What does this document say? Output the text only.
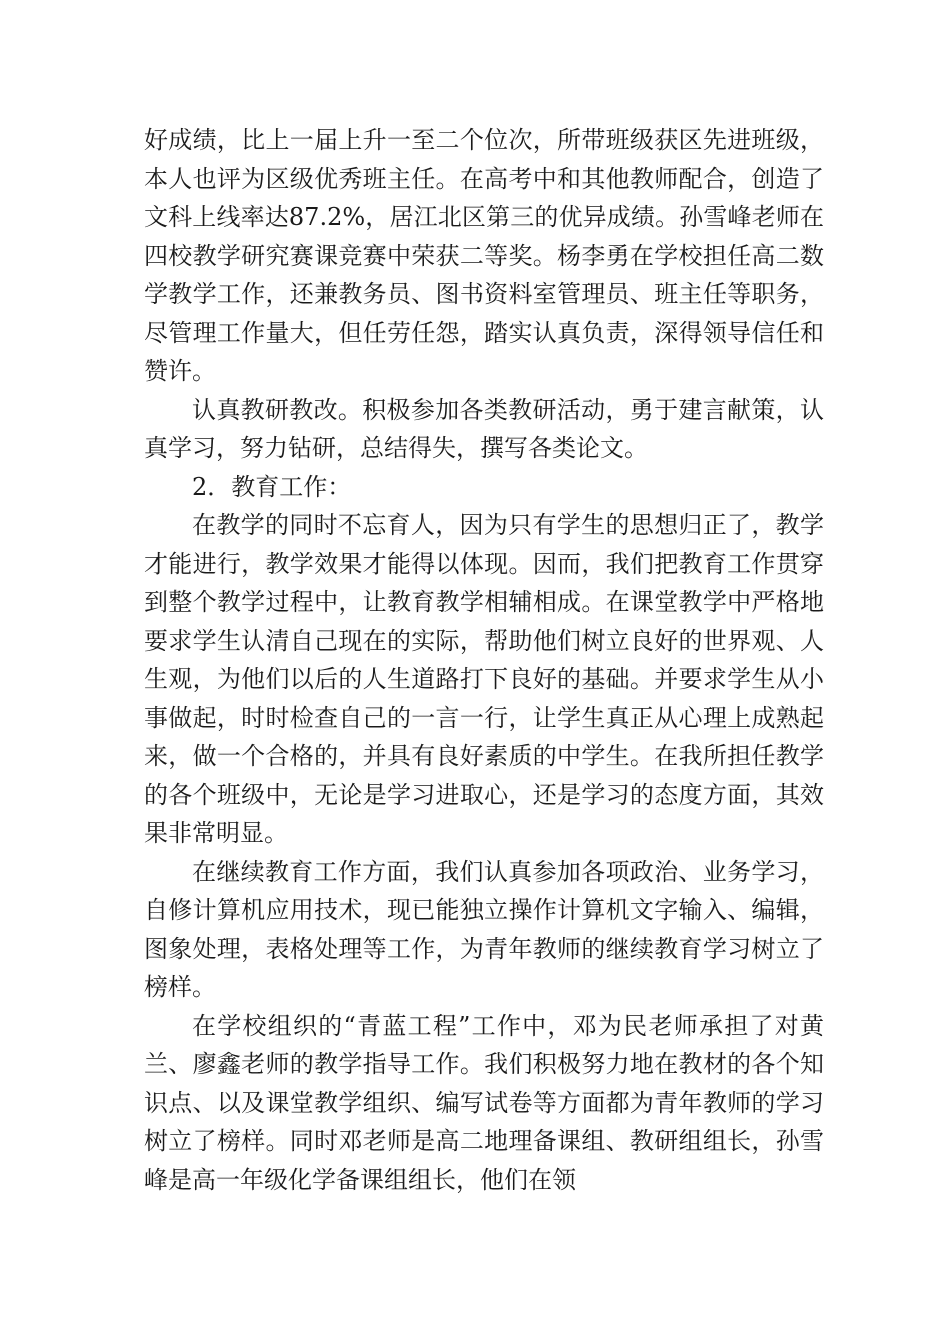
好成绩，比上一届上升一至二个位次，所带班级获区先进班级，本人也评为区级优秀班主任。在高考中和其他教师配合，创造了文科上线率达87.2%，居江北区第三的优异成绩。孙雪峰老师在四校教学研究赛课竞赛中荣获二等奖。杨李勇在学校担任高二数学教学工作，还兼教务员、图书资料室管理员、班主任等职务，尽管理工作量大，但任劳任怨，踏实认真负责，深得领导信任和赞许。

认真教研教改。积极参加各类教研活动，勇于建言献策，认真学习，努力钻研，总结得失，撰写各类论文。

2．教育工作：

在教学的同时不忘育人，因为只有学生的思想归正了，教学才能进行，教学效果才能得以体现。因而，我们把教育工作贯穿到整个教学过程中，让教育教学相辅相成。在课堂教学中严格地要求学生认清自己现在的实际，帮助他们树立良好的世界观、人生观，为他们以后的人生道路打下良好的基础。并要求学生从小事做起，时时检查自己的一言一行，让学生真正从心理上成熟起来，做一个合格的，并具有良好素质的中学生。在我所担任教学的各个班级中，无论是学习进取心，还是学习的态度方面，其效果非常明显。

在继续教育工作方面，我们认真参加各项政治、业务学习，自修计算机应用技术，现已能独立操作计算机文字输入、编辑，图象处理，表格处理等工作，为青年教师的继续教育学习树立了榜样。

在学校组织的“青蓝工程”工作中，邓为民老师承担了对黄兰、廖鑫老师的教学指导工作。我们积极努力地在教材的各个知识点、以及课堂教学组织、编写试卷等方面都为青年教师的学习树立了榜样。同时邓老师是高二地理备课组、教研组组长，孙雪峰是高一年级化学备课组组长，他们在领
